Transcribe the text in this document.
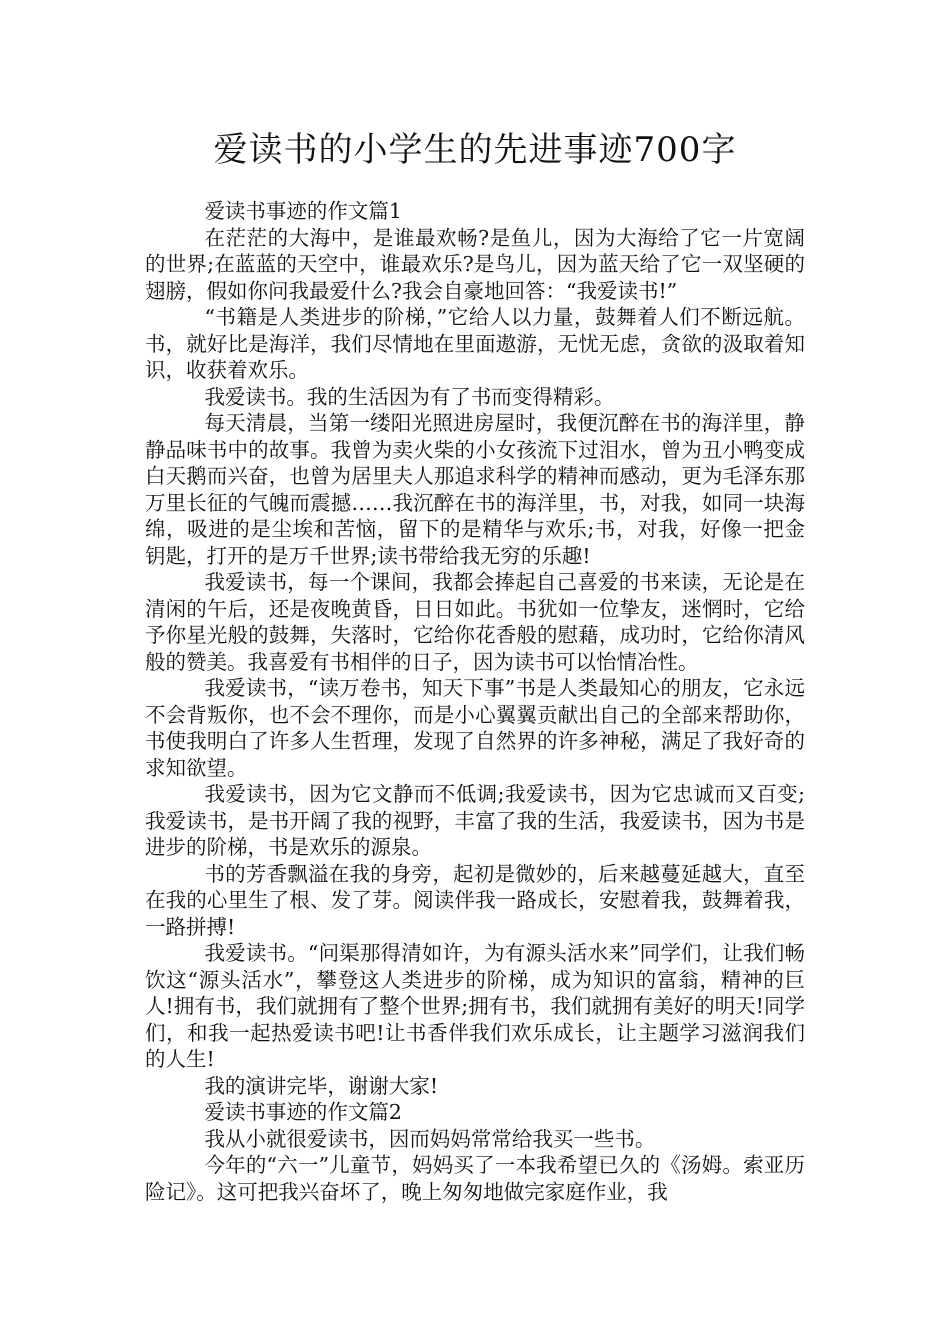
爱读书的小学生的先进事迹700字

爱读书事迹的作文篇1

在茫茫的大海中，是谁最欢畅?是鱼儿，因为大海给了它一片宽阔的世界;在蓝蓝的天空中，谁最欢乐?是鸟儿，因为蓝天给了它一双坚硬的翅膀，假如你问我最爱什么?我会自豪地回答：“我爱读书!”

“书籍是人类进步的阶梯，”它给人以力量，鼓舞着人们不断远航。书，就好比是海洋，我们尽情地在里面遨游，无忧无虑，贪欲的汲取着知识，收获着欢乐。

我爱读书。我的生活因为有了书而变得精彩。

每天清晨，当第一缕阳光照进房屋时，我便沉醉在书的海洋里，静静品味书中的故事。我曾为卖火柴的小女孩流下过泪水，曾为丑小鸭变成白天鹅而兴奋，也曾为居里夫人那追求科学的精神而感动，更为毛泽东那万里长征的气魄而震撼……我沉醉在书的海洋里，书，对我，如同一块海绵，吸进的是尘埃和苦恼，留下的是精华与欢乐;书，对我，好像一把金钥匙，打开的是万千世界;读书带给我无穷的乐趣!

我爱读书，每一个课间，我都会捧起自己喜爱的书来读，无论是在清闲的午后，还是夜晚黄昏，日日如此。书犹如一位挚友，迷惘时，它给予你星光般的鼓舞，失落时，它给你花香般的慰藉，成功时，它给你清风般的赞美。我喜爱有书相伴的日子，因为读书可以怡情冶性。

我爱读书，“读万卷书，知天下事”书是人类最知心的朋友，它永远不会背叛你，也不会不理你，而是小心翼翼贡献出自己的全部来帮助你，书使我明白了许多人生哲理，发现了自然界的许多神秘，满足了我好奇的求知欲望。

我爱读书，因为它文静而不低调;我爱读书，因为它忠诚而又百变;我爱读书，是书开阔了我的视野，丰富了我的生活，我爱读书，因为书是进步的阶梯，书是欢乐的源泉。

书的芳香飘溢在我的身旁，起初是微妙的，后来越蔓延越大，直至在我的心里生了根、发了芽。阅读伴我一路成长，安慰着我，鼓舞着我，一路拼搏!

我爱读书。“问渠那得清如许，为有源头活水来”同学们，让我们畅饮这“源头活水”，攀登这人类进步的阶梯，成为知识的富翁，精神的巨人!拥有书，我们就拥有了整个世界;拥有书，我们就拥有美好的明天!同学们，和我一起热爱读书吧!让书香伴我们欢乐成长，让主题学习滋润我们的人生!

我的演讲完毕，谢谢大家!

爱读书事迹的作文篇2

我从小就很爱读书，因而妈妈常常给我买一些书。

今年的“六一”儿童节，妈妈买了一本我希望已久的《汤姆。索亚历险记》。这可把我兴奋坏了，晚上匆匆地做完家庭作业，我
